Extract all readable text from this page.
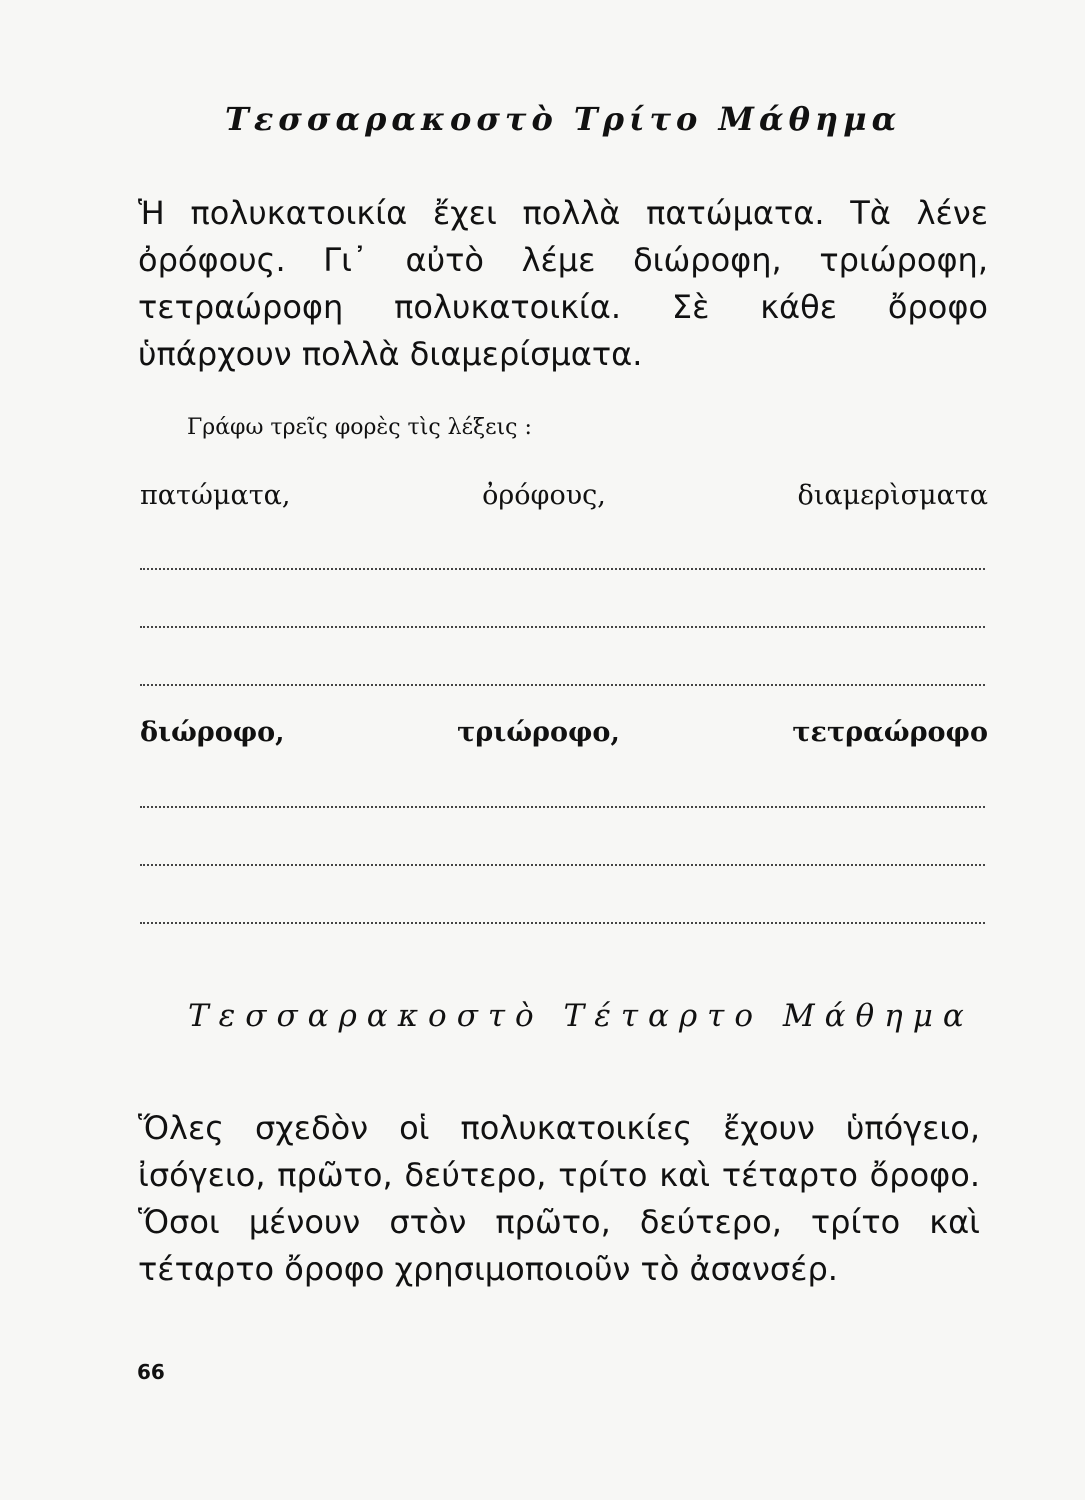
Τεσσαρακοστὸ Τρίτο Μάθημα

Ἡ πολυκατοικία ἔχει πολλὰ πατώματα. Τὰ λένε ὀρόφους. Γι᾿ αὐτὸ λέμε διώροφη, τριώροφη, τετραώροφη πολυκατοικία. Σὲ κάθε ὄροφο ὑπάρχουν πολλὰ διαμερίσματα.

Γράφω τρεῖς φορὲς τὶς λέξεις :
πατώματα,	ὀρόφους,	διαμερὶσματα
διώροφο,	τριώροφο,	τετραώροφο
Τεσσαρακοστὸ Τέταρτο Μάθημα

Ὅλες σχεδὸν οἱ πολυκατοικίες ἔχουν ὑπόγειο, ἰσόγειο, πρῶτο, δεύτερο, τρίτο καὶ τέταρτο ὄροφο. Ὅσοι μένουν στὸν πρῶτο, δεύτερο, τρίτο καὶ τέταρτο ὄροφο χρησιμοποιοῦν τὸ ἀσανσέρ.

66
